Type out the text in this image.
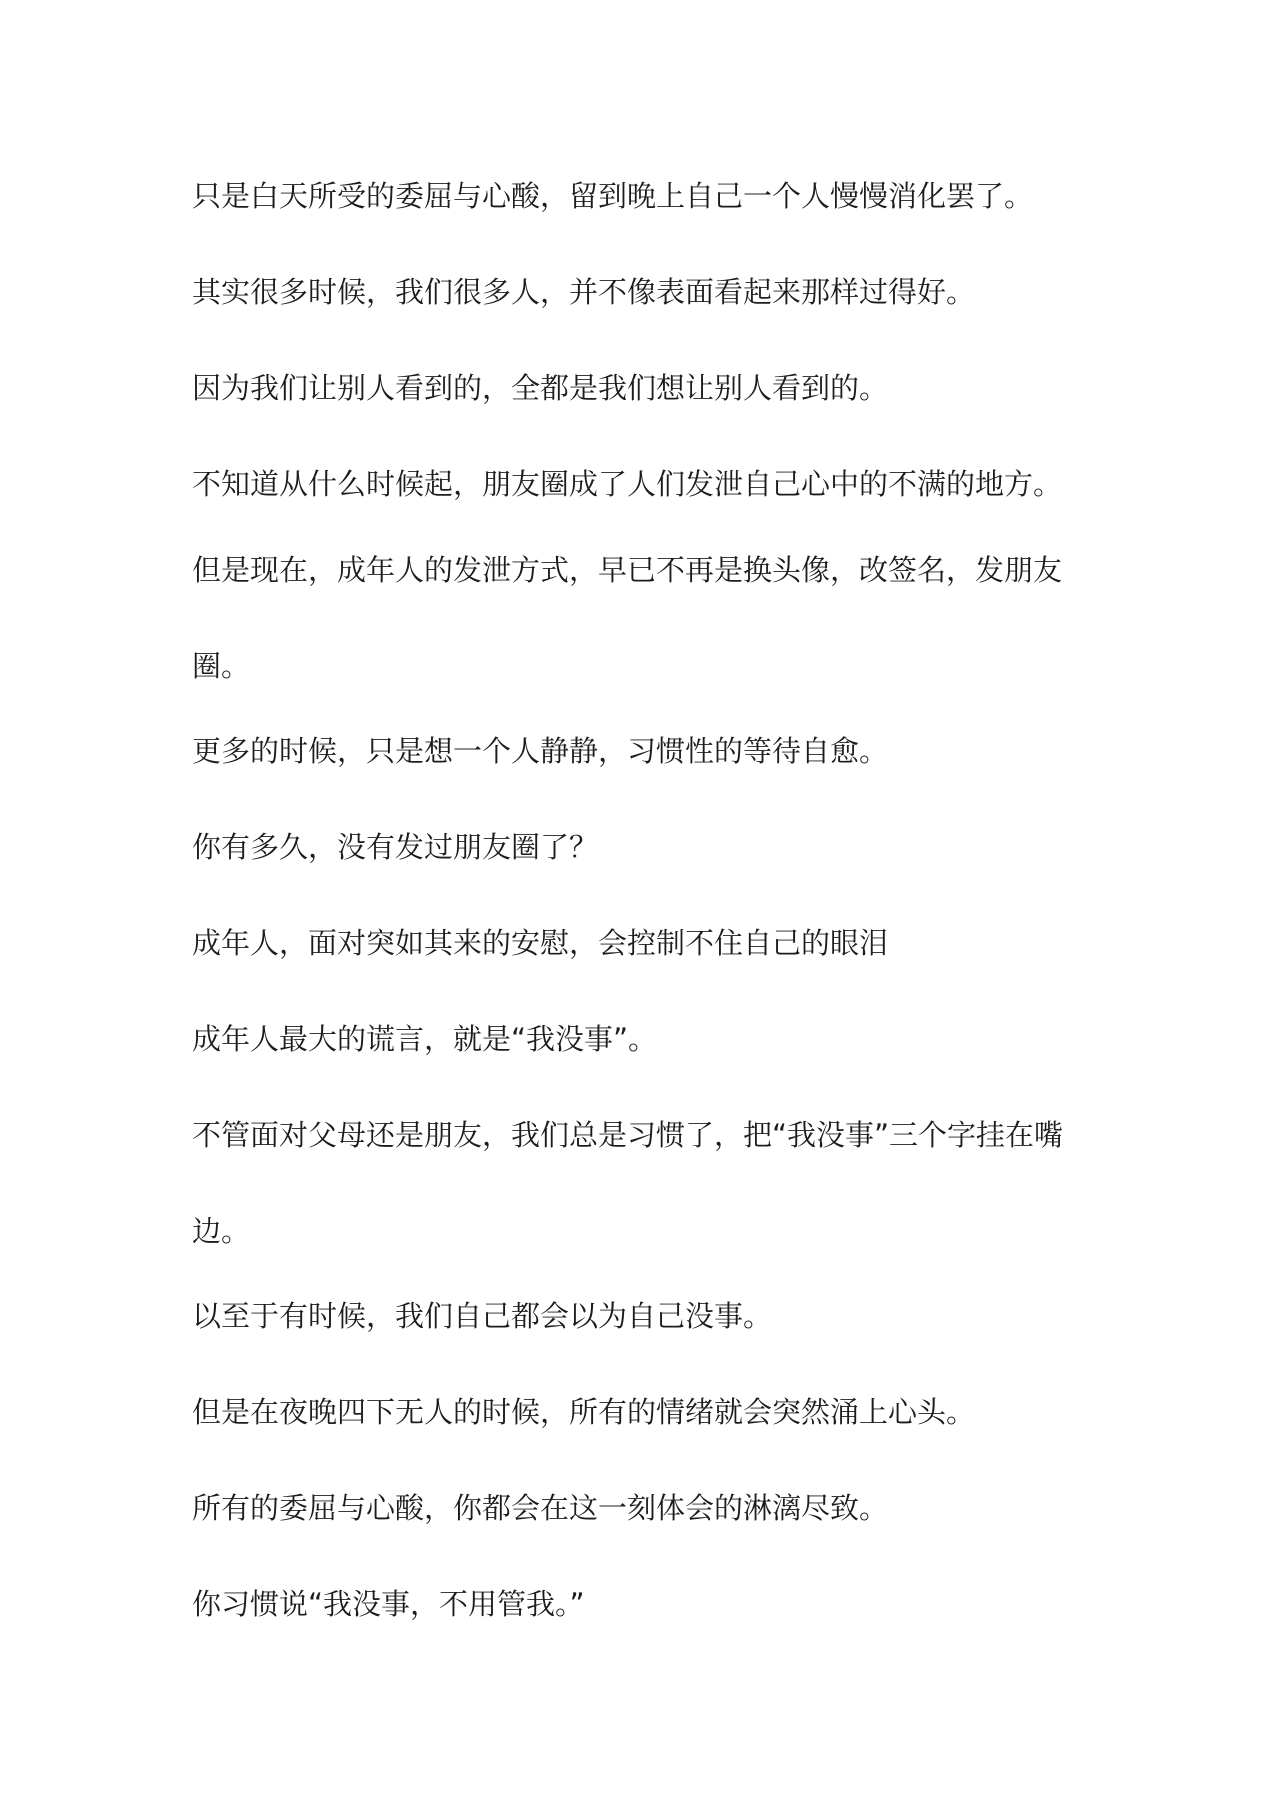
只是白天所受的委屈与心酸，留到晚上自己一个人慢慢消化罢了。

其实很多时候，我们很多人，并不像表面看起来那样过得好。

因为我们让别人看到的，全都是我们想让别人看到的。

不知道从什么时候起，朋友圈成了人们发泄自己心中的不满的地方。

但是现在，成年人的发泄方式，早已不再是换头像，改签名，发朋友圈。

更多的时候，只是想一个人静静，习惯性的等待自愈。

你有多久，没有发过朋友圈了？

成年人，面对突如其来的安慰，会控制不住自己的眼泪

成年人最大的谎言，就是“我没事”。

不管面对父母还是朋友，我们总是习惯了，把“我没事”三个字挂在嘴边。

以至于有时候，我们自己都会以为自己没事。

但是在夜晚四下无人的时候，所有的情绪就会突然涌上心头。

所有的委屈与心酸，你都会在这一刻体会的淋漓尽致。

你习惯说“我没事，不用管我。”
